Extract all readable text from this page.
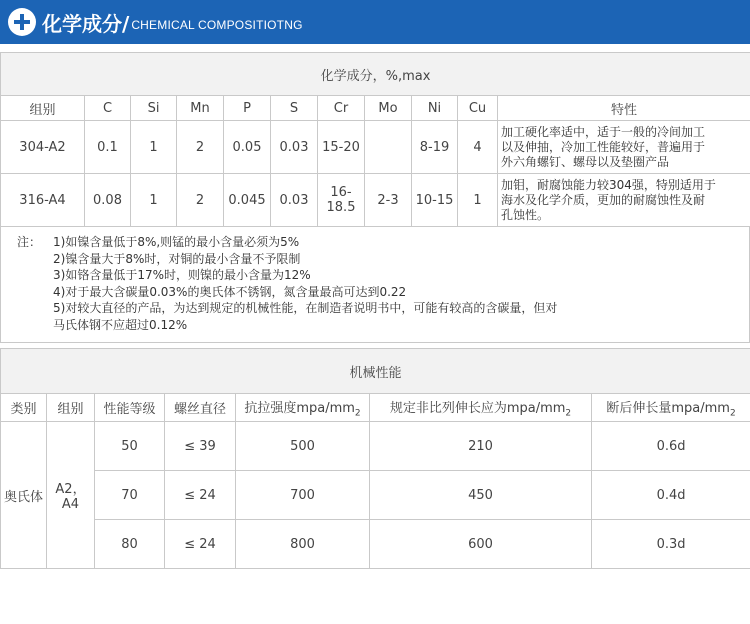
化学成分/ CHEMICAL COMPOSITIOTNG
化学成分，%,max										
组别	C	Si	Mn	P	S	Cr	Mo	Ni	Cu	特性
304-A2	0.1	1	2	0.05	0.03	15-20		8-19	4	加工硬化率适中，适于一般的冷间加工
以及伸抽，冷加工性能较好，普遍用于
外六角螺钉、螺母以及垫圈产品

316-A4	0.08	1	2	0.045	0.03	16-18.5	2-3	10-15	1	加钼，耐腐蚀能力较304强，特别适用于
海水及化学介质，更加的耐腐蚀性及耐
孔蚀性。
注： 1)如镍含量低于8%,则锰的最小含量必须为5%
2)镍含量大于8%时，对铜的最小含量不予限制
3)如铬含量低于17%时，则镍的最小含量为12%
4)对于最大含碳量0.03%的奥氏体不锈钢，氮含量最高可达到0.22
5)对较大直径的产品，为达到规定的机械性能，在制造者说明书中，可能有较高的含碳量，但对
马氏体钢不应超过0.12%
机械性能						
类别	组别	性能等级	螺丝直径	抗拉强度mpa/$mm_2$	规定非比列伸长应为mpa/$mm_2$	断后伸长量mpa/$mm_2$
奥氏体	A2，A4	50	≤ 39	500	210	0.6d
		70	≤ 24	700	450	0.4d
		80	≤ 24	800	600	0.3d
